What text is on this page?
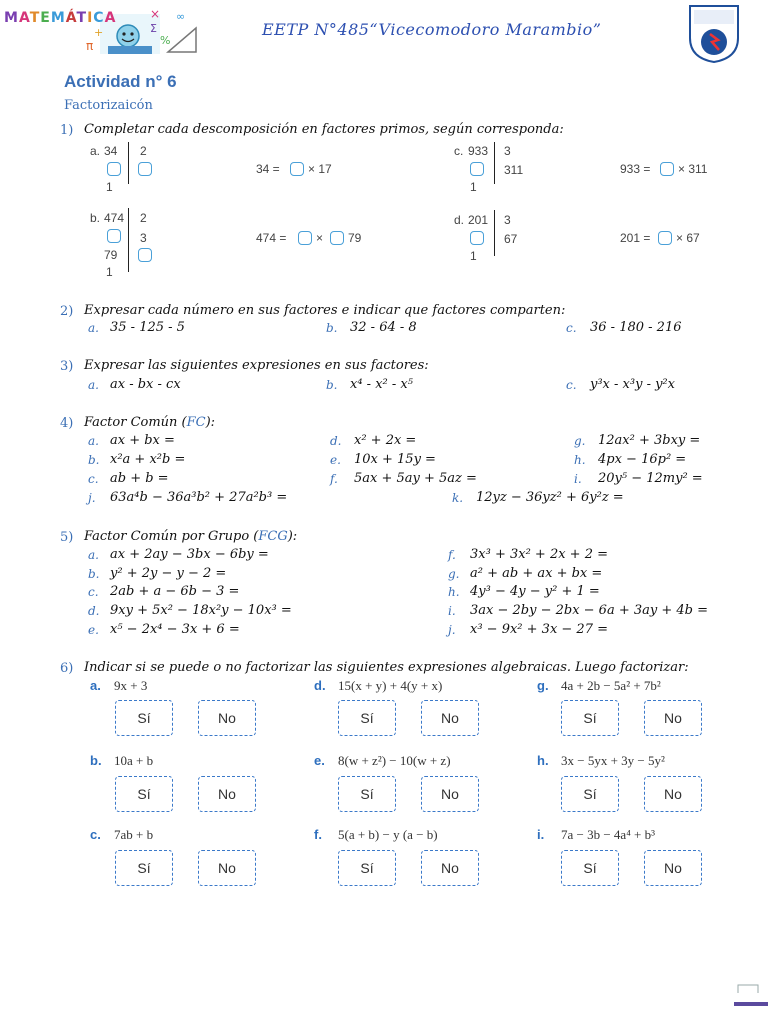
× ∞
Σ
π	%
+
MATEMÁTICA
EETP N°485“Vicecomodoro Marambio”
Actividad n° 6
Factorizaicón
1) Completar cada descomposición en factores primos, según corresponda:
a. 34 2
1
34 = × 17
c. 933 3
311
1
933 = × 311
b. 474 2
3
79
1
474 = × 79
d. 201 3
67
1
201 = × 67
2) Expresar cada número en sus factores e indicar que factores comparten:
a. 35 - 125 - 5	b. 32 - 64 - 8	c. 36 - 180 - 216
3) Expresar las siguientes expresiones en sus factores:
a. ax - bx - cx	b. x⁴ - x² - x⁵	c. y³x - x³y - y²x
4) Factor Común (FC):
a. ax + bx =
b. x²a + x²b =
c. ab + b =
d. x² + 2x =
e. 10x + 15y =
f. 5ax + 5ay + 5az =
g. 12ax² + 3bxy =
h. 4px − 16p² =
i. 20y⁵ − 12my² =
j. 63a⁴b − 36a³b² + 27a²b³ =	k. 12yz − 36yz² + 6y²z =
5) Factor Común por Grupo (FCG):
a. ax + 2ay − 3bx − 6by =
b. y² + 2y − y − 2 =
c. 2ab + a − 6b − 3 =
d. 9xy + 5x² − 18x²y − 10x³ =
e. x⁵ − 2x⁴ − 3x + 6 =
f. 3x³ + 3x² + 2x + 2 =
g. a² + ab + ax + bx =
h. 4y³ − 4y − y² + 1 =
i. 3ax − 2by − 2bx − 6a + 3ay + 4b =
j. x³ − 9x² + 3x − 27 =
6) Indicar si se puede o no factorizar las siguientes expresiones algebraicas. Luego factorizar:
a. 9x + 3
Sí	No
d. 15(x + y) + 4(y + x)
Sí	No
g. 4a + 2b − 5a² + 7b²
Sí	No
b. 10a + b
Sí	No
e. 8(w + z²) − 10(w + z)
Sí	No
h. 3x − 5yx + 3y − 5y²
Sí	No
c. 7ab + b
Sí	No
f. 5(a + b) − y (a − b)
Sí	No
i. 7a − 3b − 4a⁴ + b³
Sí	No
